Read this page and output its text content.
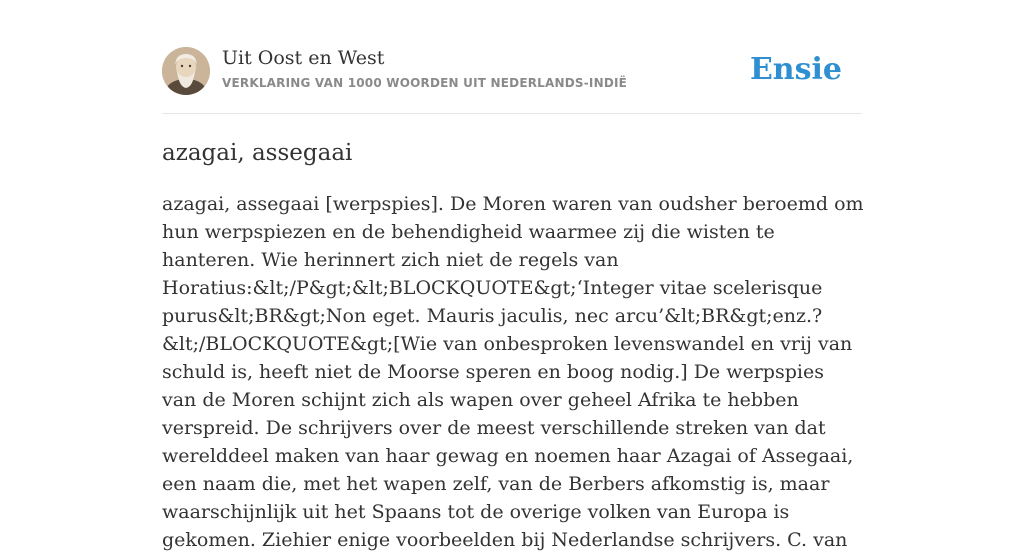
Uit Oost en West
VERKLARING VAN 1000 WOORDEN UIT NEDERLANDS-INDIË	Ensie
azagai, assegaai

azagai, assegaai [werpspies]. De Moren waren van oudsher beroemd om hun werpspiezen en de behendigheid waarmee zij die wisten te hanteren. Wie herinnert zich niet de regels van Horatius:&lt;/P&gt;&lt;BLOCKQUOTE&gt;‘Integer vitae scelerisque purus&lt;BR&gt;Non eget. Mauris jaculis, nec arcu’&lt;BR&gt;enz.? &lt;/BLOCKQUOTE&gt;[Wie van onbesproken levenswandel en vrij van schuld is, heeft niet de Moorse speren en boog nodig.] De werpspies van de Moren schijnt zich als wapen over geheel Afrika te hebben verspreid. De schrijvers over de meest verschillende streken van dat werelddeel maken van haar gewag en noemen haar Azagai of Assegaai, een naam die, met het wapen zelf, van de Berbers afkomstig is, maar waarschijnlijk uit het Spaans tot de overige volken van Europa is gekomen. Ziehier enige voorbeelden bij Nederlandse schrijvers. C. van
